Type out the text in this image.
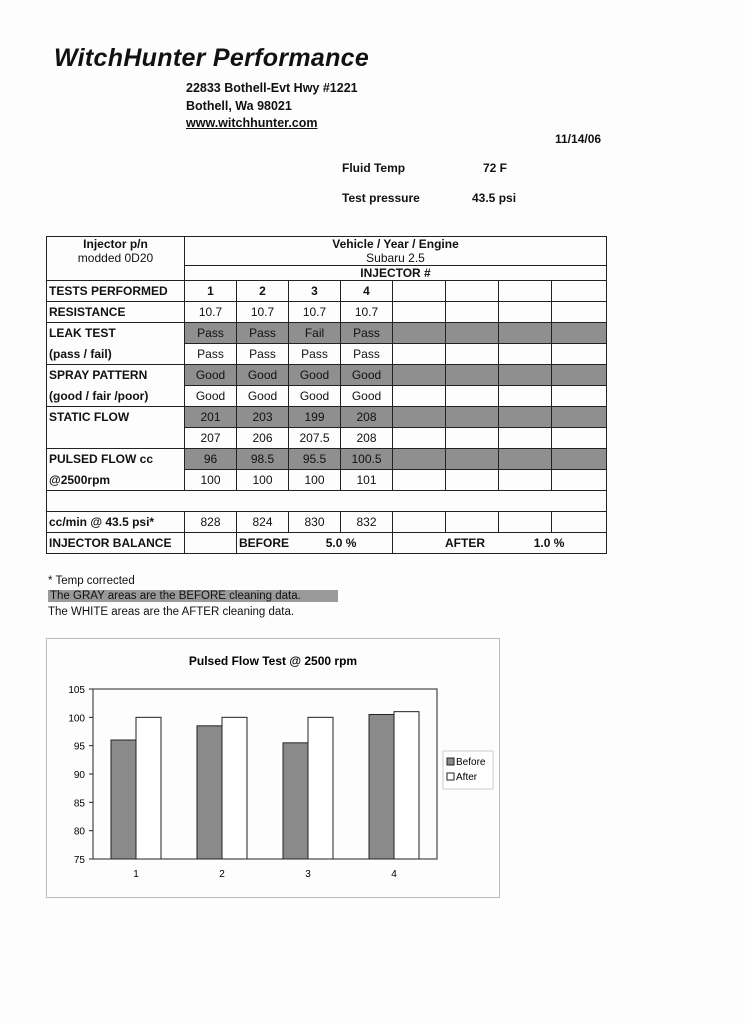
WitchHunter Performance
22833 Bothell-Evt Hwy #1221
Bothell, Wa 98021
www.witchhunter.com
11/14/06
Fluid Temp	72 F
Test pressure	43.5 psi
Injector p/n
modded 0D20	Vehicle / Year / Engine							
	Subaru 2.5							
	INJECTOR #							
TESTS PERFORMED	1	2	3	4				
RESISTANCE	10.7	10.7	10.7	10.7				
LEAK TEST	Pass	Pass	Fail	Pass				
(pass / fail)	Pass	Pass	Pass	Pass				
SPRAY PATTERN	Good	Good	Good	Good				
(good / fair /poor)	Good	Good	Good	Good				
STATIC FLOW	201	203	199	208				
	207	206	207.5	208				
PULSED FLOW cc	96	98.5	95.5	100.5				
@2500rpm	100	100	100	101				

cc/min @ 43.5 psi*	828	824	830	832				
INJECTOR BALANCE		BEFORE 5.0 %			AFTER 1.0 %			
* Temp corrected
The GRAY areas are the BEFORE cleaning data.
The WHITE areas are the AFTER cleaning data.
Pulsed Flow Test @ 2500 rpm
75
80
85
90
95
100
105
1	2	3	4
Before
After
